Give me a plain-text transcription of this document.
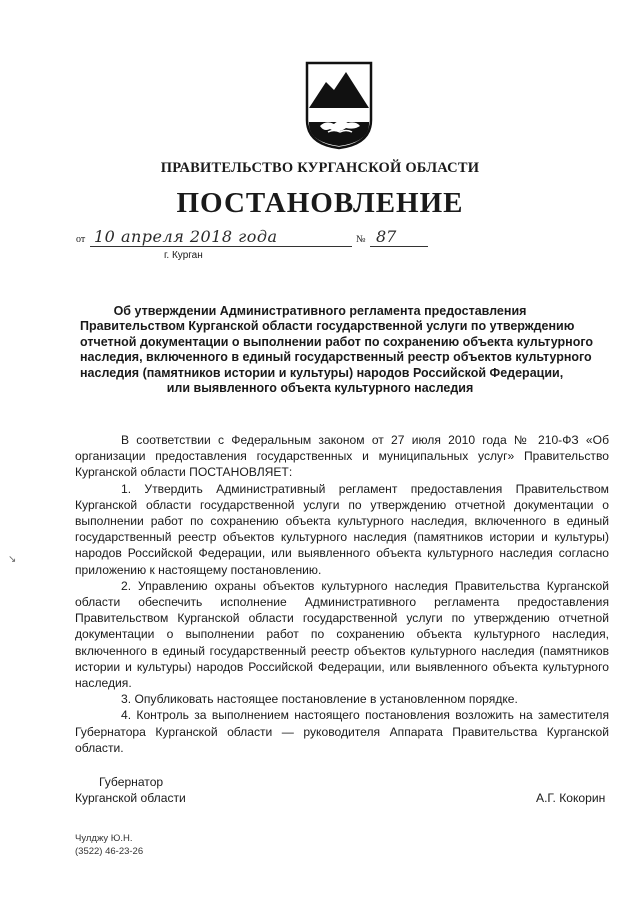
ПРАВИТЕЛЬСТВО КУРГАНСКОЙ ОБЛАСТИ
ПОСТАНОВЛЕНИЕ
от 10 апреля 2018 года	№ 87
г. Курган
Об утверждении Административного регламента предоставления
Правительством Курганской области государственной услуги по утверждению
отчетной документации о выполнении работ по сохранению объекта культурного
наследия, включенного в единый государственный реестр объектов культурного
наследия (памятников истории и культуры) народов Российской Федерации,
или выявленного объекта культурного наследия

В соответствии с Федеральным законом от 27 июля 2010 года № 210-ФЗ «Об организации предоставления государственных и муниципальных услуг» Правительство Курганской области ПОСТАНОВЛЯЕТ:

1. Утвердить Административный регламент предоставления Правительством Курганской области государственной услуги по утверждению отчетной документации о выполнении работ по сохранению объекта культурного наследия, включенного в единый государственный реестр объектов культурного наследия (памятников истории и культуры) народов Российской Федерации, или выявленного объекта культурного наследия согласно приложению к настоящему постановлению.

2. Управлению охраны объектов культурного наследия Правительства Курганской области обеспечить исполнение Административного регламента предоставления Правительством Курганской области государственной услуги по утверждению отчетной документации о выполнении работ по сохранению объекта культурного наследия, включенного в единый государственный реестр объектов культурного наследия (памятников истории и культуры) народов Российской Федерации, или выявленного объекта культурного наследия.

3. Опубликовать настоящее постановление в установленном порядке.

4. Контроль за выполнением настоящего постановления возложить на заместителя Губернатора Курганской области — руководителя Аппарата Правительства Курганской области.

Губернатор
Курганской области	А.Г. Кокорин
Чулджу Ю.Н.
(3522) 46-23-26
↘
